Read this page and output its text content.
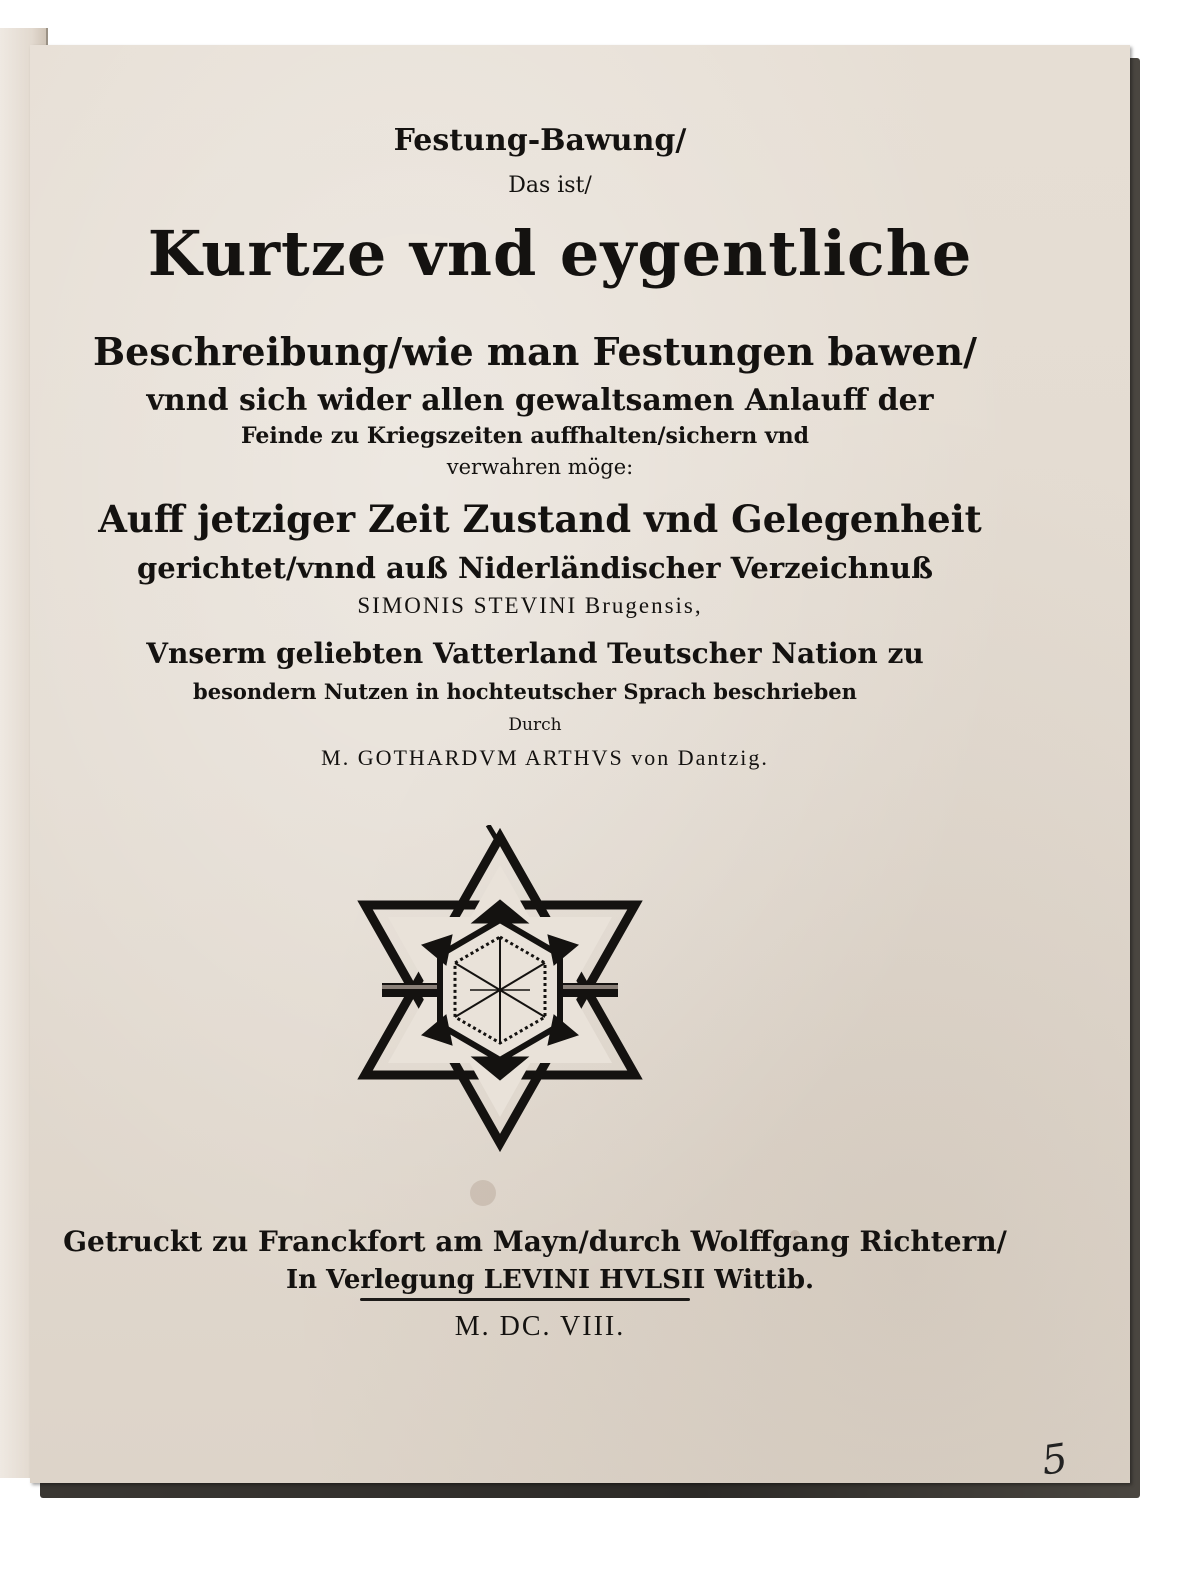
Festung-Bawung/
Das ist/
Kurtze vnd eygentliche
Beschreibung/wie man Festungen bawen/
vnnd sich wider allen gewaltsamen Anlauff der
Feinde zu Kriegszeiten auffhalten/sichern vnd
verwahren möge:
Auff jetziger Zeit Zustand vnd Gelegenheit
gerichtet/vnnd auß Niderländischer Verzeichnuß
SIMONIS STEVINI Brugensis,
Vnserm geliebten Vatterland Teutscher Nation zu
besondern Nutzen in hochteutscher Sprach beschrieben
Durch
M. GOTHARDVM ARTHVS von Dantzig.
Getruckt zu Franckfort am Mayn/durch Wolffgang Richtern/
In Verlegung LEVINI HVLSII Wittib.
M. DC. VIII.
5
